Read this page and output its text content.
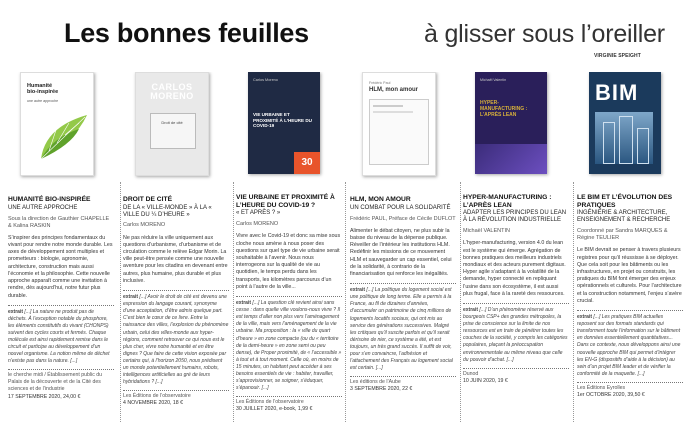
Les bonnes feuilles	à glisser sous l’oreiller
VIRGINIE SPEIGHT
Humanité
bio-inspirée
une autre approche
HUMANITÉ BIO-INSPIRÉE
UNE AUTRE APPROCHE
Sous la direction de Gauthier CHAPELLE & Kalina RASKIN
S’inspirer des principes fondamentaux du vivant pour rendre notre monde durable. Les axes de développement sont multiples et prometteurs : biologie, agronomie, architecture, construction mais aussi l’économie et la philosophie. Cette nouvelle approche apparaît comme une invitation à rendre, dès aujourd’hui, notre futur plus durable.
extrait [...] La nature ne produit pas de déchets. À l’exception notable du phosphore, les éléments constitutifs du vivant (CHONPS) suivent des cycles courts et fermés. Chaque molécule est ainsi rapidement remise dans le circuit et participe au développement d’un nouvel organisme. La notion même de déchet n’existe pas dans la nature. [...]
le cherche midi / Établissement public du Palais de la découverte et de la Cité des sciences et de l’industrie
17 SEPTEMBRE 2020, 24,00 €
CARLOS
MORENO
Droit de cité
DROIT DE CITÉ
DE LA « VILLE-MONDE » À LA « VILLE DU ¼ D’HEURE »
Carlos MORENO
Ne pas réduire la ville uniquement aux questions d’urbanisme, d’urbanisme et de circulation comme le relève Edgar Morin. La ville peut-être pensée comme une nouvelle aventure pour les citadins en devenant entre autres, plus humaine, plus durable et plus inclusive.
extrait [...] Avoir le droit de cité est devenu une expression du langage courant, synonyme d’une acceptation, d’être admis quelque part. C’est bien le cœur de ce livre. Entre la naissance des villes, l’explosion du phénomène urbain, celui des villes-monde aux hyper-régions, comment retrouver ce qui nous est le plus cher, vivre notre humanité et en être dignes ? Que faire de cette vision exposée par certains qui, à l’horizon 2050, nous prédisent un monde potentiellement humains, robots, intelligences artificielles au gré de leurs hybridations ? [...]
Les Éditions de l’observatoire
4 NOVEMBRE 2020, 18 €
Carlos Moreno
VIE URBAINE ET PROXIMITÉ À L’HEURE DU COVID-19
30
VIE URBAINE ET PROXIMITÉ À L’HEURE DU COVID-19 ?
« ET APRÈS ? »
Carlos MORENO
Vivre avec le Covid-19 et donc sa mise sous cloche nous amène à nous poser des questions sur quel type de vie urbaine serait souhaitable à l’avenir. Nous nous interrogeons sur la qualité de vie au quotidien, le temps perdu dans les transports, les kilomètres parcourus d’un point à l’autre de la ville...
extrait [...] La question clé revient ainsi sans cesse : dans quelle ville voulons-nous vivre ? Il est temps d’aller non plus vers l’aménagement de la ville, mais vers l’aménagement de la vie urbaine. Ma proposition : la « ville du quart d’heure » en zone compacte (ou du « territoire de la demi-heure » en zone semi ou peu dense), de Proper proximité, de « l’accessible » à tout et à tout moment. Celle où, en moins de 15 minutes, un habitant peut accéder à ses besoins essentiels de vie : habiter, travailler, s’approvisionner, se soigner, s’éduquer, s’épanouir. [...]
Les Éditions de l’observatoire
30 JUILLET 2020, e-book, 1,99 €
Frédéric Paul
HLM, mon amour
HLM, MON AMOUR
UN COMBAT POUR LA SOLIDARITÉ
Frédéric PAUL, Préface de Cécile DUFLOT
Alimenter le débat citoyen, ne plus subir la baisse du niveau de la dépense publique. Réveiller de l’intérieur les institutions HLM. Redéfinir les missions de ce mouvement HLM et sauvegarder un cap essentiel, celui de la solidarité, à contrario de la financiarisation qui renforce les inégalités.
extrait [...] La politique du logement social est une politique de long terme. Elle a permis à la France, au fil de dizaines d’années, d’accumuler un patrimoine de cinq millions de logements locatifs sociaux, qui ont mis au service des générations successives. Malgré les critiques qu’il suscite parfois et qu’il serait dérisoire de nier, ce système a été, et est toujours, un très grand succès. Il suffit de voir, pour s’en convaincre, l’adhésion et l’attachement des Français au logement social est certain. [...]
Les éditions de l’Aube
3 SEPTEMBRE 2020, 22 €
Michaël Valentin
HYPER-MANUFACTURING : L’APRÈS LEAN
HYPER-MANUFACTURING : L’APRÈS LEAN
ADAPTER LES PRINCIPES DU LEAN À LA RÉVOLUTION INDUSTRIELLE
Michaël VALENTIN
L’hyper-manufacturing, version 4.0 du lean est le système qui émerge. Agrégation de bonnes pratiques des meilleurs industriels mondiaux et des acteurs purement digitaux. Hyper agile s’adaptant à la volatilité de la demande, hyper connecté en repliquant l’usine dans son écosystème, il est aussi plus frugal, face à la rareté des ressources.
extrait [...] D’un phénomène réservé aux bourgeois CSP+ des grandes métropoles, la prise de conscience sur la limite de nos ressources est en train de pénétrer toutes les couches de la société, y compris les catégories populaires, plaçant la préoccupation environnementale au même niveau que celle du pouvoir d’achat. [...]
Dunod
10 JUIN 2020, 19 €
BIM
LE BIM ET L’ÉVOLUTION DES PRATIQUES
INGÉNIERIE & ARCHITECTURE, ENSEIGNEMENT & RECHERCHE
Coordonné par Sandra MARQUES & Régine TEULIER
Le BIM devrait se penser à travers plusieurs registres pour qu’il réussisse à se déployer. Que cela soit pour les bâtiments ou les infrastructures, en projet ou construits, les pratiques du BIM font émerger des enjeux opérationnels et culturels. Pour l’architecture et la construction notamment, l’enjeu s’avère crucial.
extrait [...] Les pratiques BIM actuelles reposent sur des formats standards qui transforment toute l’information sur le bâtiment en données essentiellement quantitatives... Dans ce contexte, nous développons ainsi une nouvelle approche BIM qui permet d’intégrer les EN-G (dispositifs d’aide à la décision) au sein d’un projet BIM leader et de vérifier la conformité de la maquette. [...]
Les Éditions Eyrolles
1er OCTOBRE 2020, 39,50 €
